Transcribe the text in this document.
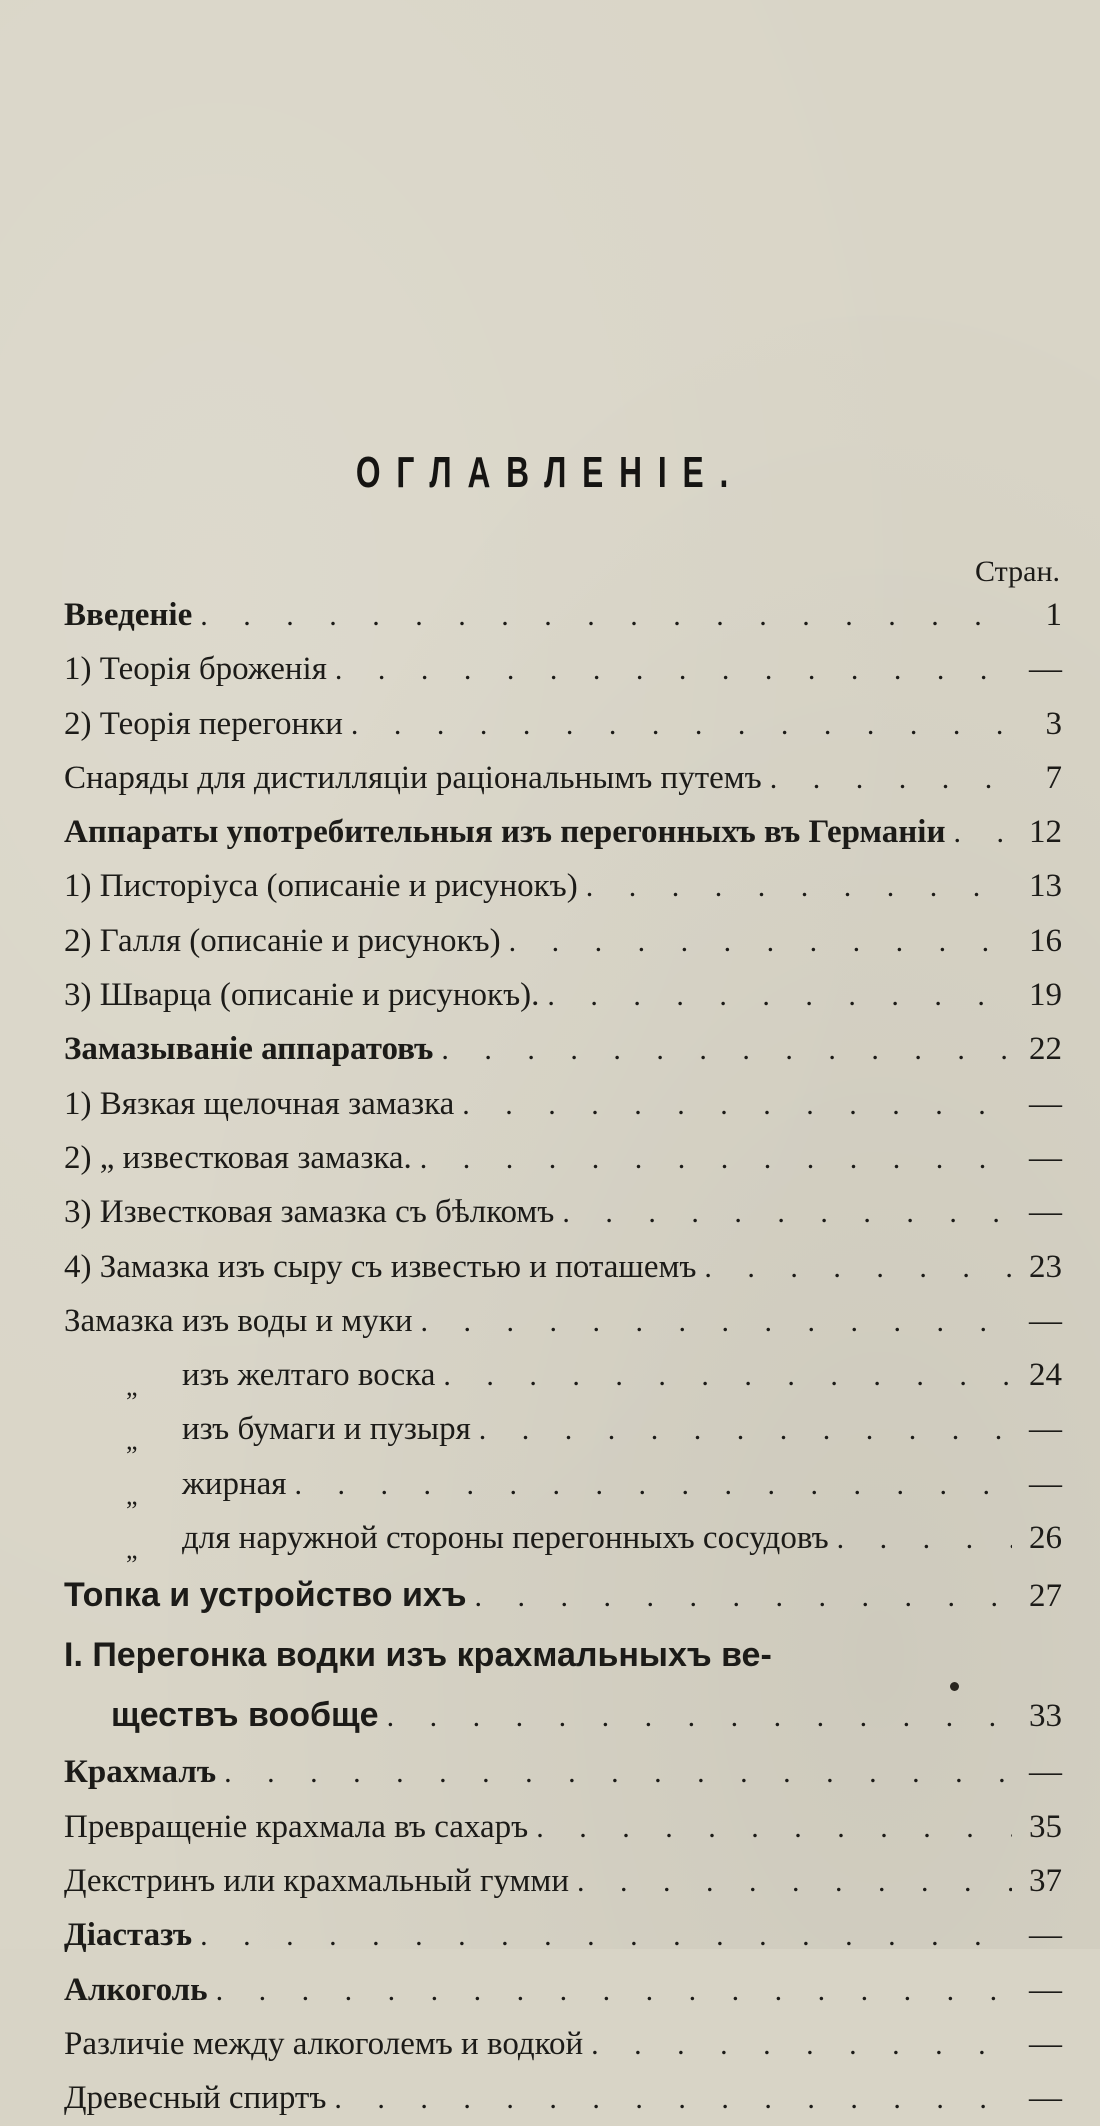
ОГЛАВЛЕНIЕ.
Стран.
Введенiе . . .	1
1) Теорiя броженiя . . .	—
2) Теорiя перегонки . . .	3
Снаряды для дистилляцiи рацiональнымъ путемъ . . .	7
Аппараты употребительныя изъ перегонныхъ въ Германiи . . .	12
1) Писторiуса (описанiе и рисунокъ) . . .	13
2) Галля (описанiе и рисунокъ) . . .	16
3) Шварца (описанiе и рисунокъ). . . .	19
Замазыванiе аппаратовъ . . .	22
1) Вязкая щелочная замазка . . .	—
2) „ известковая замазка. . . .	—
3) Известковая замазка съ бѣлкомъ . . .	—
4) Замазка изъ сыру съ известью и поташемъ . . .	23
Замазка изъ воды и муки . . .	—
„	изъ желтаго воска . . .	24
„	изъ бумаги и пузыря . . .	—
„	жирная . . .	—
„	для наружной стороны перегонныхъ сосудовъ . . .	26
Топка и устройство ихъ . . .	27
I. Перегонка водки изъ крахмальныхъ ве-
ществъ вообще . . .	33
Крахмалъ . . .	—
Превращенiе крахмала въ сахаръ . . .	35
Декстринъ или крахмальный гумми . . .	37
Дiастазъ . . .	—
Алкоголь . . .	—
Различiе между алкоголемъ и водкой . . .	—
Древесный спиртъ . . .	—
